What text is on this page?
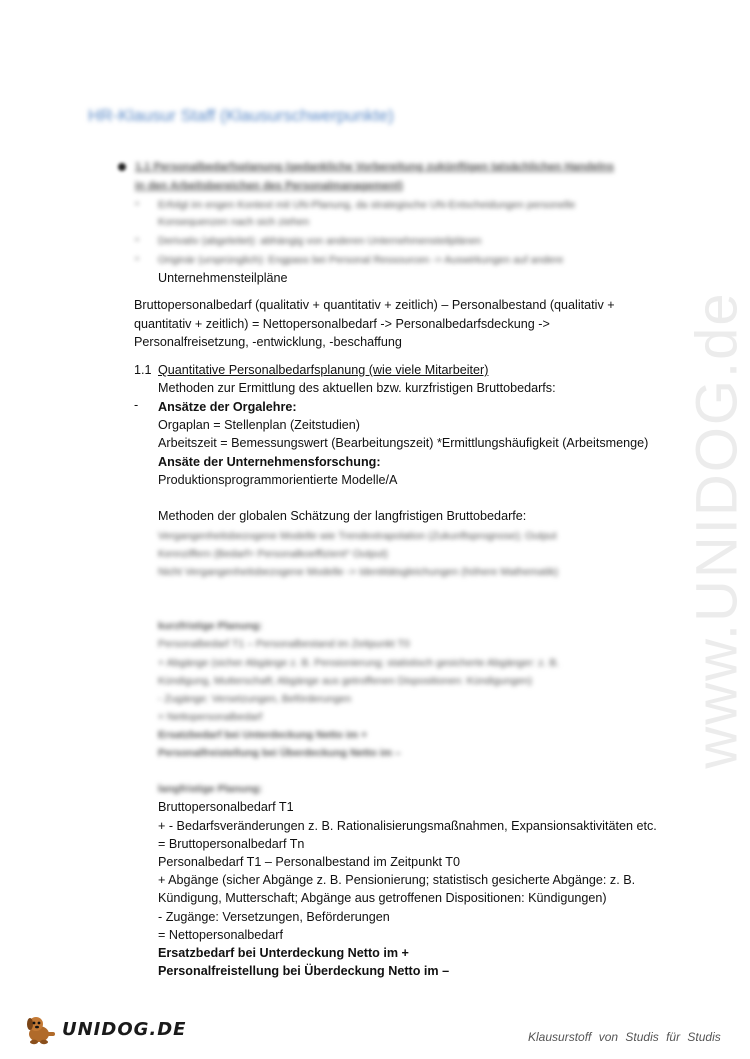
www.UNIDOG.de
HR-Klausur Staff (Klausurschwerpunkte)
1.1 Personalbedarfsplanung (gedankliche Vorbereitung zukünftigen tatsächlichen Handelns
in den Arbeitsbereichen des Personalmanagement)
- Erfolgt im engen Kontext mit UN-Planung, da strategische UN-Entscheidungen personelle
Konsequenzen nach sich ziehen
- Derivativ (abgeleitet): abhängig von anderen Unternehmensteilplänen
- Originär (ursprünglich): Engpass bei Personal Ressourcen -> Auswirkungen auf andere
Unternehmensteilpläne
Bruttopersonalbedarf (qualitativ + quantitativ + zeitlich) – Personalbestand (qualitativ +
quantitativ + zeitlich) = Nettopersonalbedarf -> Personalbedarfsdeckung ->
Personalfreisetzung, -entwicklung, -beschaffung
1.1 Quantitative Personalbedarfsplanung (wie viele Mitarbeiter)
Methoden zur Ermittlung des aktuellen bzw. kurzfristigen Bruttobedarfs:
- Ansätze der Orgalehre:
Orgaplan = Stellenplan (Zeitstudien)
Arbeitszeit = Bemessungswert (Bearbeitungszeit) *Ermittlungshäufigkeit (Arbeitsmenge)
Ansäte der Unternehmensforschung:
Produktionsprogrammorientierte Modelle/A
Methoden der globalen Schätzung der langfristigen Bruttobedarfe:
Vergangenheitsbezogene Modelle wie Trendextrapolation (Zukunftsprognose); Output
Kennziffern (Bedarf= Personalkoeffizient* Output)
Nicht Vergangenheitsbezogene Modelle -> Identitätsgleichungen (höhere Mathematik)
kurzfristige Planung:
Personalbedarf T1 – Personalbestand im Zeitpunkt T0
+ Abgänge (sicher Abgänge z. B. Pensionierung; statistisch gesicherte Abgänger: z. B.
Kündigung, Mutterschaft; Abgänge aus getroffenen Dispositionen: Kündigungen)
- Zugänge: Versetzungen, Beförderungen
= Nettopersonalbedarf
Ersatzbedarf bei Unterdeckung Netto im +
Personalfreistellung bei Überdeckung Netto im –
langfristige Planung:
Bruttopersonalbedarf T1
+ - Bedarfsveränderungen z. B. Rationalisierungsmaßnahmen, Expansionsaktivitäten etc.
= Bruttopersonalbedarf Tn
Personalbedarf T1 – Personalbestand im Zeitpunkt T0
+ Abgänge (sicher Abgänge z. B. Pensionierung; statistisch gesicherte Abgänge: z. B.
Kündigung, Mutterschaft; Abgänge aus getroffenen Dispositionen: Kündigungen)
- Zugänge: Versetzungen, Beförderungen
= Nettopersonalbedarf
Ersatzbedarf bei Unterdeckung Netto im +
Personalfreistellung bei Überdeckung Netto im –
UNIDOG.DE	Klausurstoff von Studis für Studis
